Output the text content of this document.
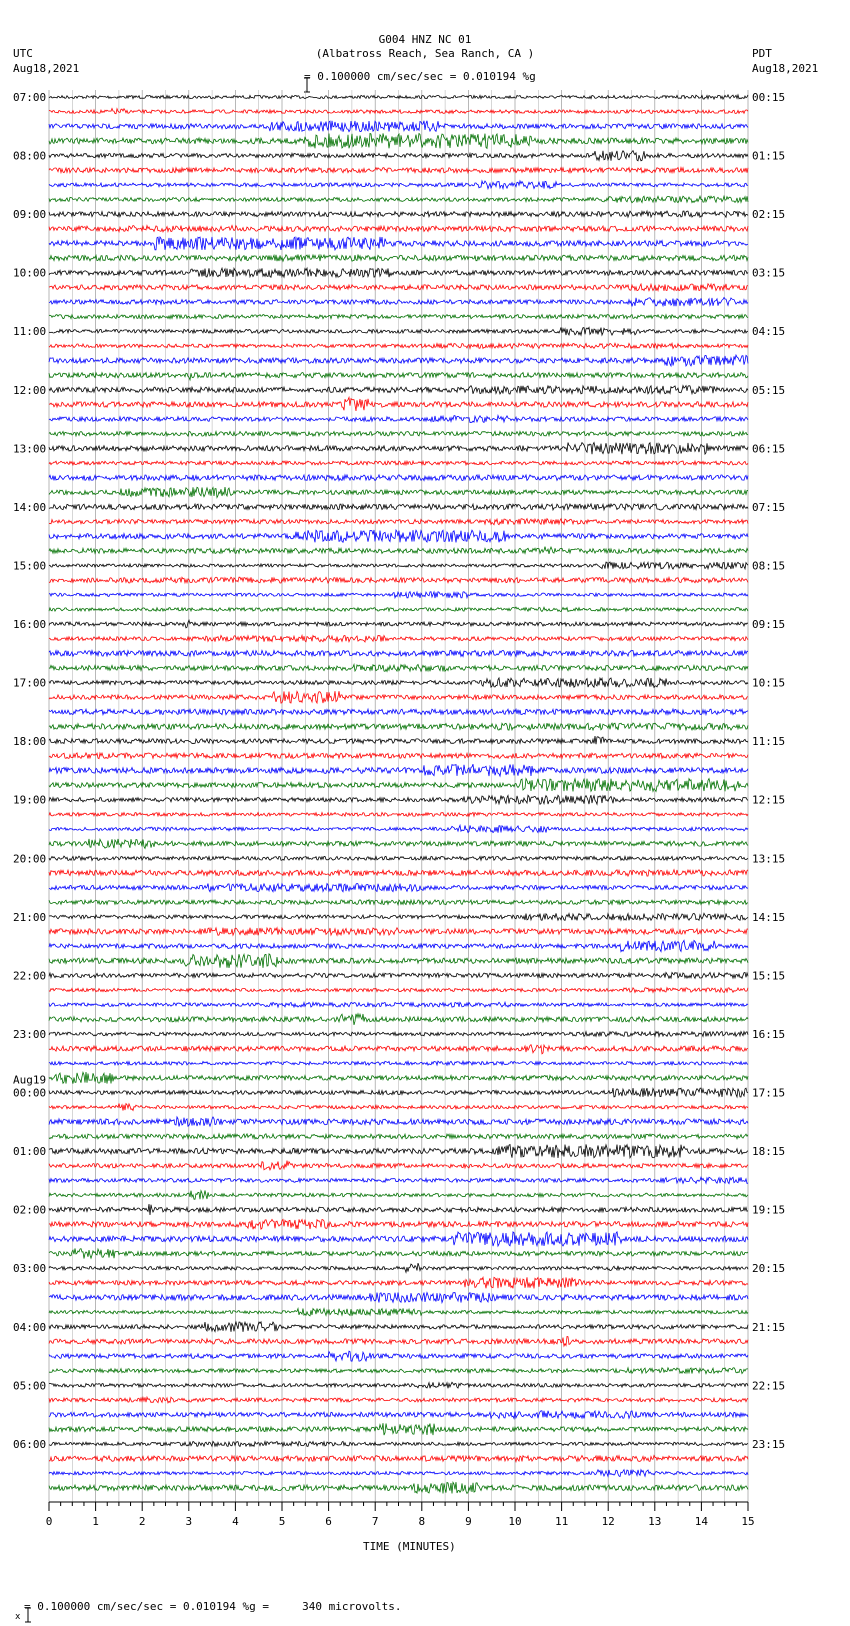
G004 HNZ NC 01
(Albatross Reach, Sea Ranch, CA )
UTC
Aug18,2021
PDT
Aug18,2021

= 0.100000 cm/sec/sec = 0.010194 %g
07:00
08:00
09:00
10:00
11:00
12:00
13:00
14:00
15:00
16:00
17:00
18:00
19:00
20:00
21:00
22:00
23:00
Aug19
00:00
01:00
02:00
03:00
04:00
05:00
06:00
00:15
01:15
02:15
03:15
04:15
05:15
06:15
07:15
08:15
09:15
10:15
11:15
12:15
13:15
14:15
15:15
16:15
17:15
18:15
19:15
20:15
21:15
22:15
23:15
0	1	2	3	4	5	6	7	8	9	10	11	12	13	14	15
TIME (MINUTES)

x

= 0.100000 cm/sec/sec = 0.010194 %g =     340 microvolts.
